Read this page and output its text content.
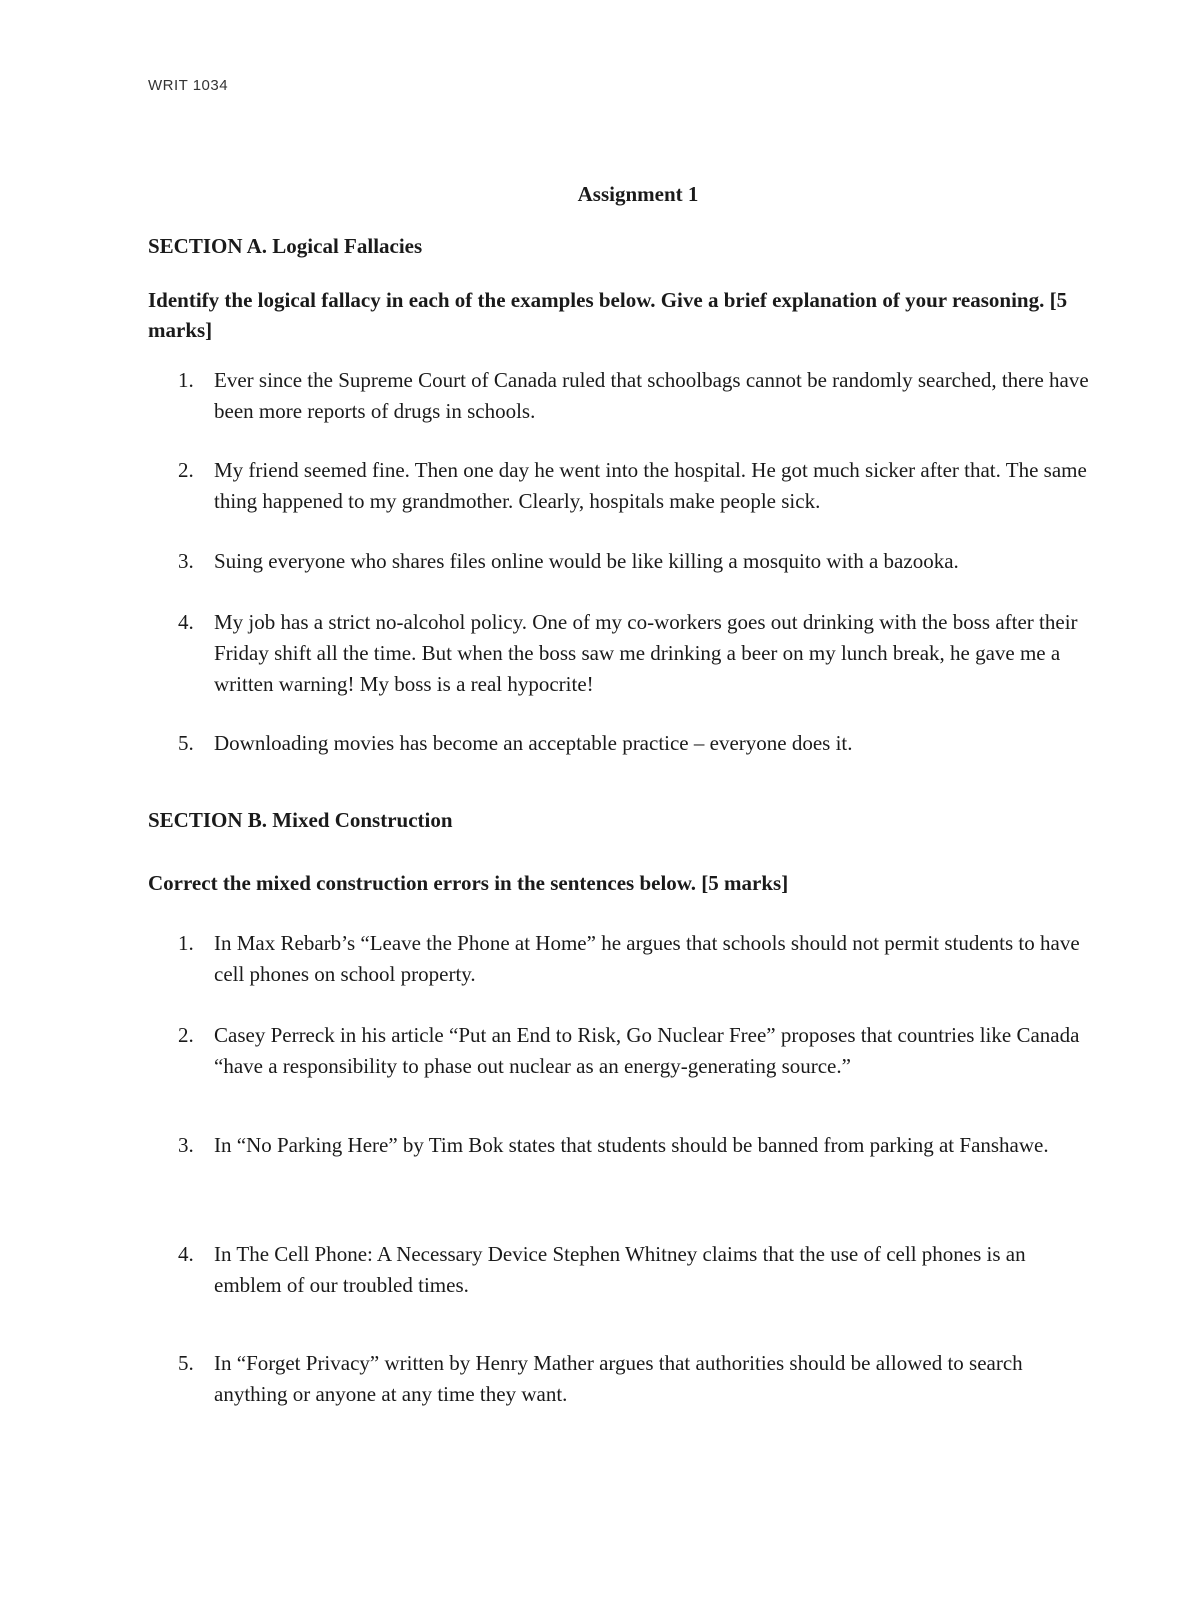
WRIT 1034
Assignment 1
SECTION A. Logical Fallacies
Identify the logical fallacy in each of the examples below. Give a brief explanation of your reasoning. [5 marks]
1. Ever since the Supreme Court of Canada ruled that schoolbags cannot be randomly searched, there have been more reports of drugs in schools.
2. My friend seemed fine. Then one day he went into the hospital. He got much sicker after that. The same thing happened to my grandmother. Clearly, hospitals make people sick.
3. Suing everyone who shares files online would be like killing a mosquito with a bazooka.
4. My job has a strict no-alcohol policy. One of my co-workers goes out drinking with the boss after their Friday shift all the time. But when the boss saw me drinking a beer on my lunch break, he gave me a written warning! My boss is a real hypocrite!
5. Downloading movies has become an acceptable practice – everyone does it.
SECTION B. Mixed Construction
Correct the mixed construction errors in the sentences below. [5 marks]
1. In Max Rebarb’s “Leave the Phone at Home” he argues that schools should not permit students to have cell phones on school property.
2. Casey Perreck in his article “Put an End to Risk, Go Nuclear Free” proposes that countries like Canada “have a responsibility to phase out nuclear as an energy-generating source.”
3. In “No Parking Here” by Tim Bok states that students should be banned from parking at Fanshawe.
4. In The Cell Phone: A Necessary Device Stephen Whitney claims that the use of cell phones is an emblem of our troubled times.
5. In “Forget Privacy” written by Henry Mather argues that authorities should be allowed to search anything or anyone at any time they want.
